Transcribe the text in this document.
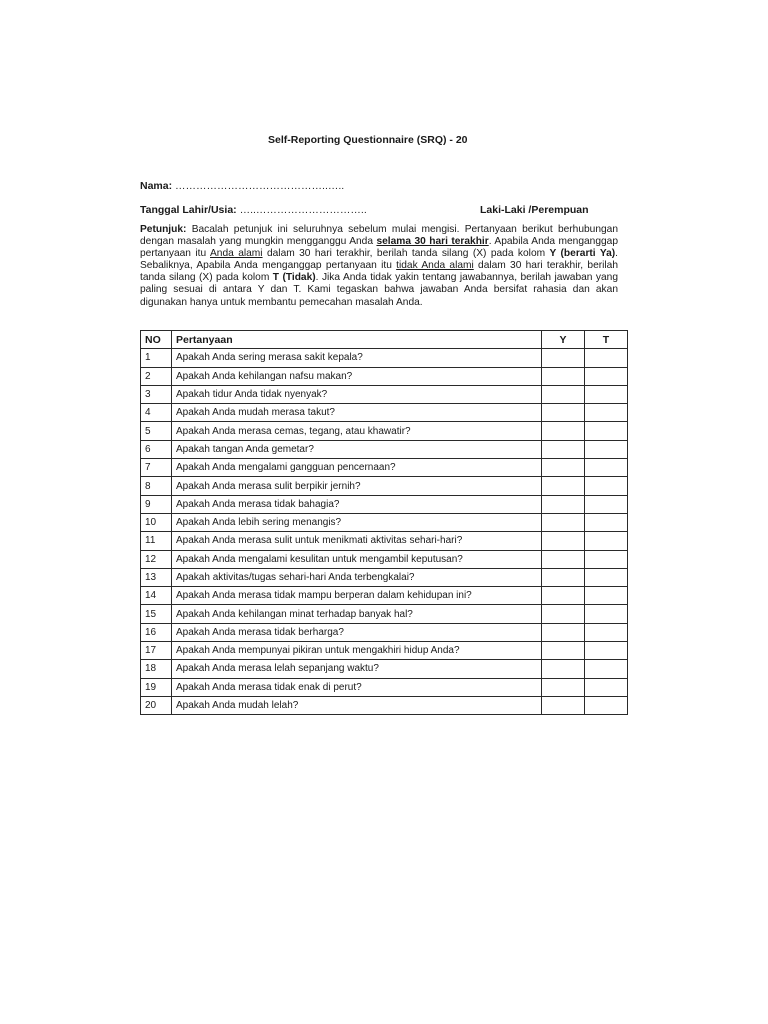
Self-Reporting Questionnaire (SRQ) - 20
Nama: ……………………………………..…..
Tanggal Lahir/Usia: …..…………………………..	Laki-Laki /Perempuan
Petunjuk: Bacalah petunjuk ini seluruhnya sebelum mulai mengisi. Pertanyaan berikut berhubungan dengan masalah yang mungkin mengganggu Anda selama 30 hari terakhir. Apabila Anda menganggap pertanyaan itu Anda alami dalam 30 hari terakhir, berilah tanda silang (X) pada kolom Y (berarti Ya). Sebaliknya, Apabila Anda menganggap pertanyaan itu tidak Anda alami dalam 30 hari terakhir, berilah tanda silang (X) pada kolom T (Tidak). Jika Anda tidak yakin tentang jawabannya, berilah jawaban yang paling sesuai di antara Y dan T. Kami tegaskan bahwa jawaban Anda bersifat rahasia dan akan digunakan hanya untuk membantu pemecahan masalah Anda.
NO	Pertanyaan	Y	T
1	Apakah Anda sering merasa sakit kepala?		
2	Apakah Anda kehilangan nafsu makan?		
3	Apakah tidur Anda tidak nyenyak?		
4	Apakah Anda mudah merasa takut?		
5	Apakah Anda merasa cemas, tegang, atau khawatir?		
6	Apakah tangan Anda gemetar?		
7	Apakah Anda mengalami gangguan pencernaan?		
8	Apakah Anda merasa sulit berpikir jernih?		
9	Apakah Anda merasa tidak bahagia?		
10	Apakah Anda lebih sering menangis?		
11	Apakah Anda merasa sulit untuk menikmati aktivitas sehari-hari?		
12	Apakah Anda mengalami kesulitan untuk mengambil keputusan?		
13	Apakah aktivitas/tugas sehari-hari Anda terbengkalai?		
14	Apakah Anda merasa tidak mampu berperan dalam kehidupan ini?		
15	Apakah Anda kehilangan minat terhadap banyak hal?		
16	Apakah Anda merasa tidak berharga?		
17	Apakah Anda mempunyai pikiran untuk mengakhiri hidup Anda?		
18	Apakah Anda merasa lelah sepanjang waktu?		
19	Apakah Anda merasa tidak enak di perut?		
20	Apakah Anda mudah lelah?		
